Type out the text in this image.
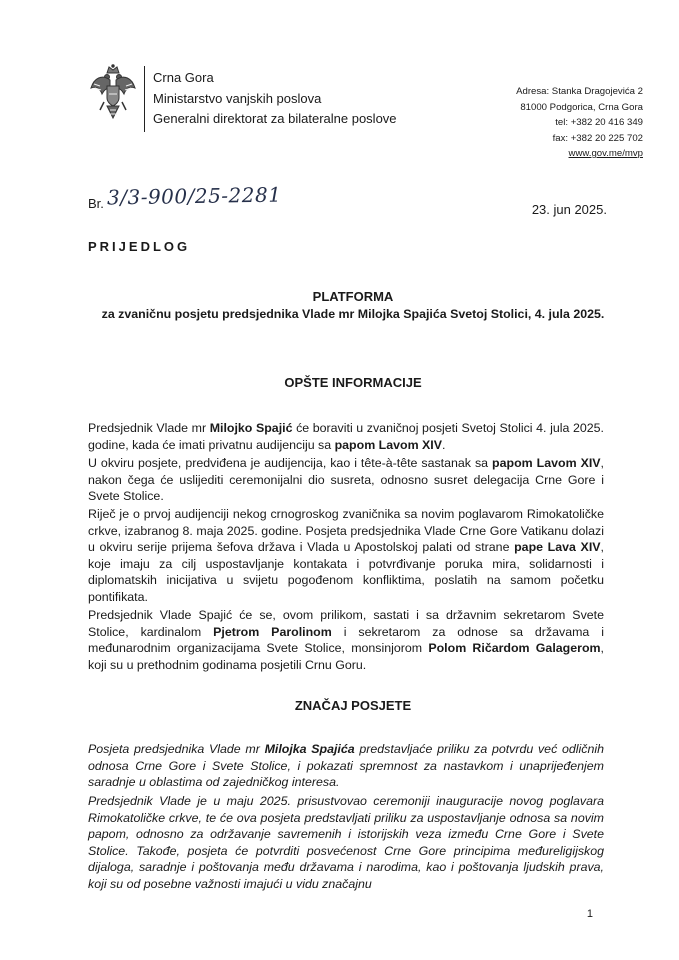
Crna Gora
Ministarstvo vanjskih poslova
Generalni direktorat za bilateralne poslove
Adresa: Stanka Dragojevića 2
81000 Podgorica, Crna Gora
tel: +382 20 416 349
fax: +382 20 225 702
www.gov.me/mvp
Br. 3/3-900/25-2281	23. jun 2025.
PRIJEDLOG
PLATFORMA
za zvaničnu posjetu predsjednika Vlade mr Milojka Spajića Svetoj Stolici, 4. jula 2025.
OPŠTE INFORMACIJE
Predsjednik Vlade mr Milojko Spajić će boraviti u zvaničnoj posjeti Svetoj Stolici 4. jula 2025. godine, kada će imati privatnu audijenciju sa papom Lavom XIV.
U okviru posjete, predviđena je audijencija, kao i tête-à-tête sastanak sa papom Lavom XIV, nakon čega će uslijediti ceremonijalni dio susreta, odnosno susret delegacija Crne Gore i Svete Stolice.
Riječ je o prvoj audijenciji nekog crnogroskog zvaničnika sa novim poglavarom Rimokatoličke crkve, izabranog 8. maja 2025. godine. Posjeta predsjednika Vlade Crne Gore Vatikanu dolazi u okviru serije prijema šefova država i Vlada u Apostolskoj palati od strane pape Lava XIV, koje imaju za cilj uspostavljanje kontakata i potvrđivanje poruka mira, solidarnosti i diplomatskih inicijativa u svijetu pogođenom konfliktima, poslatih na samom početku pontifikata.
Predsjednik Vlade Spajić će se, ovom prilikom, sastati i sa državnim sekretarom Svete Stolice, kardinalom Pjetrom Parolinom i sekretarom za odnose sa državama i međunarodnim organizacijama Svete Stolice, monsinjorom Polom Ričardom Galagerom, koji su u prethodnim godinama posjetili Crnu Goru.
ZNAČAJ POSJETE
Posjeta predsjednika Vlade mr Milojka Spajića predstavljaće priliku za potvrdu već odličnih odnosa Crne Gore i Svete Stolice, i pokazati spremnost za nastavkom i unaprijeđenjem saradnje u oblastima od zajedničkog interesa.
Predsjednik Vlade je u maju 2025. prisustvovao ceremoniji inauguracije novog poglavara Rimokatoličke crkve, te će ova posjeta predstavljati priliku za uspostavljanje odnosa sa novim papom, odnosno za održavanje savremenih i istorijskih veza između Crne Gore i Svete Stolice. Takođe, posjeta će potvrditi posvećenost Crne Gore principima međureligijskog dijaloga, saradnje i poštovanja među državama i narodima, kao i poštovanja ljudskih prava, koji su od posebne važnosti imajući u vidu značajnu
1
